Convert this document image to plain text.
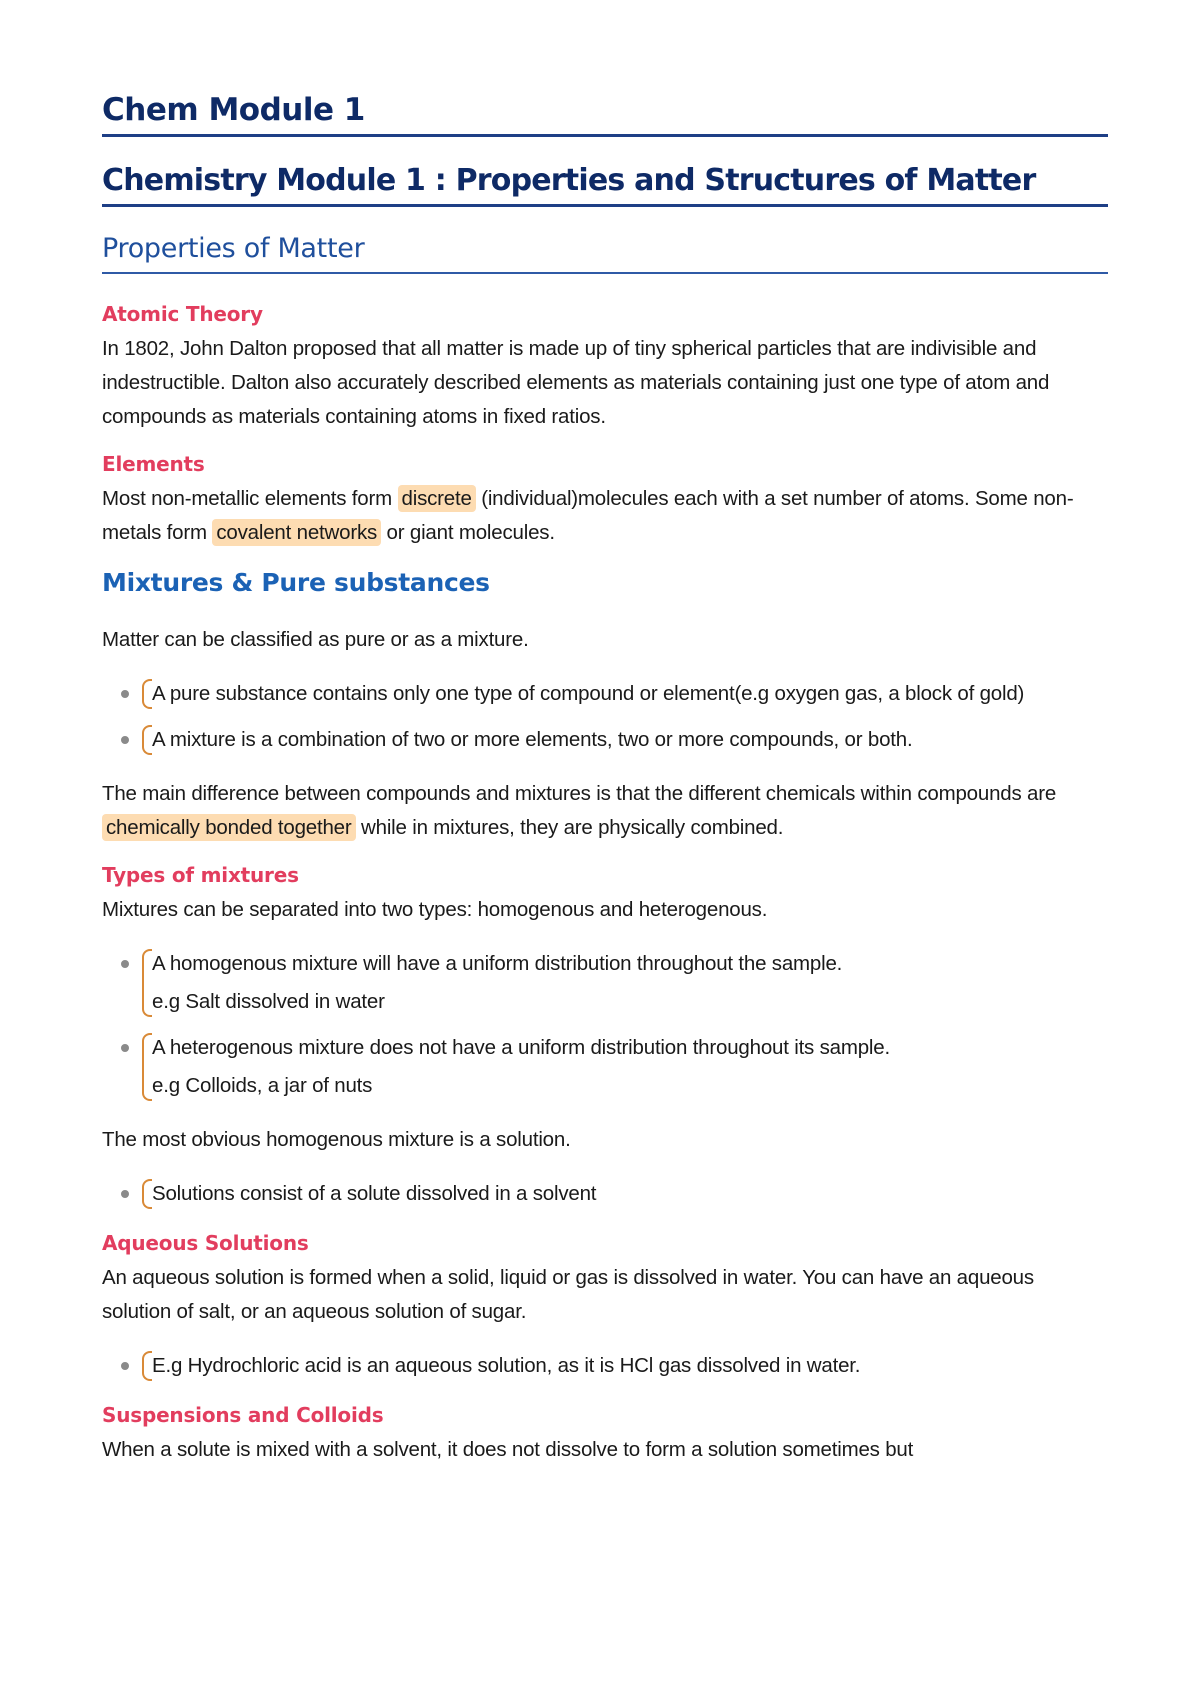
Chem Module 1
Chemistry Module 1 : Properties and Structures of Matter
Properties of Matter
Atomic Theory

In 1802, John Dalton proposed that all matter is made up of tiny spherical particles that are indivisible and indestructible. Dalton also accurately described elements as materials containing just one type of atom and compounds as materials containing atoms in fixed ratios.

Elements

Most non-metallic elements form discrete (individual)molecules each with a set number of atoms. Some non-metals form covalent networks or giant molecules.

Mixtures & Pure substances

Matter can be classified as pure or as a mixture.

A pure substance contains only one type of compound or element(e.g oxygen gas, a block of gold)
A mixture is a combination of two or more elements, two or more compounds, or both.

The main difference between compounds and mixtures is that the different chemicals within compounds are chemically bonded together while in mixtures, they are physically combined.

Types of mixtures

Mixtures can be separated into two types: homogenous and heterogenous.

A homogenous mixture will have a uniform distribution throughout the sample.
e.g Salt dissolved in water
A heterogenous mixture does not have a uniform distribution throughout its sample.
e.g Colloids, a jar of nuts

The most obvious homogenous mixture is a solution.

Solutions consist of a solute dissolved in a solvent
Aqueous Solutions

An aqueous solution is formed when a solid, liquid or gas is dissolved in water. You can have an aqueous solution of salt, or an aqueous solution of sugar.

E.g Hydrochloric acid is an aqueous solution, as it is HCl gas dissolved in water.
Suspensions and Colloids

When a solute is mixed with a solvent, it does not dissolve to form a solution sometimes but
